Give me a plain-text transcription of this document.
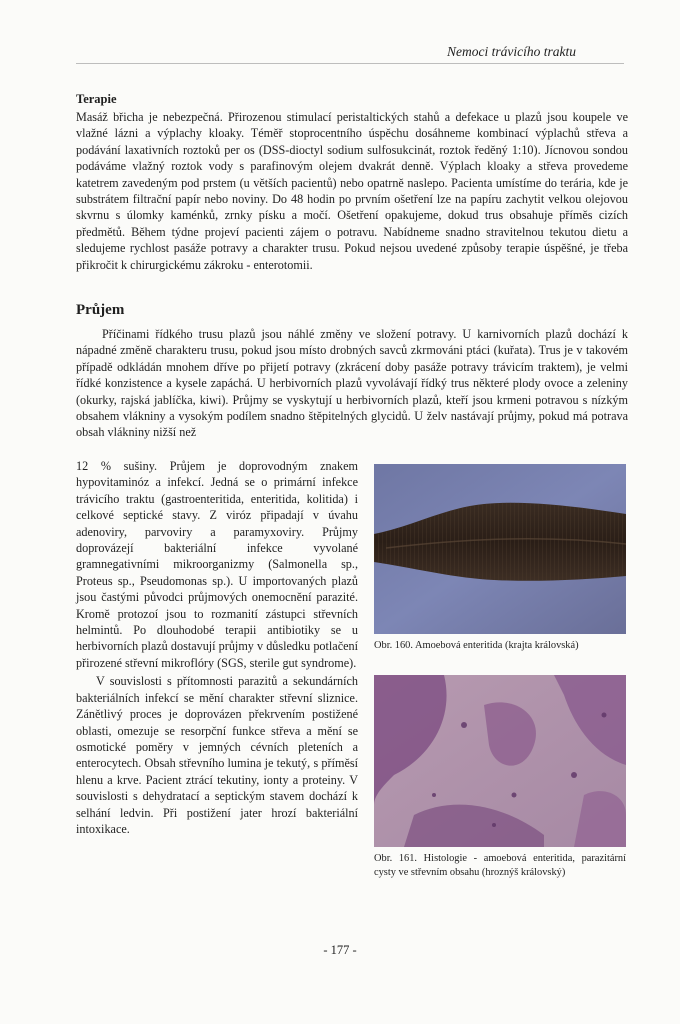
Nemoci trávicího traktu
Terapie

Masáž břicha je nebezpečná. Přirozenou stimulací peristaltických stahů a defekace u plazů jsou koupele ve vlažné lázni a výplachy kloaky. Téměř stoprocentního úspěchu dosáhneme kombinací výplachů střeva a podávání laxativních roztoků per os (DSS-dioctyl sodium sulfosukcinát, roztok ředěný 1:10). Jícnovou sondou podáváme vlažný roztok vody s parafinovým olejem dvakrát denně. Výplach kloaky a střeva provedeme katetrem zavedeným pod prstem (u větších pacientů) nebo opatrně naslepo. Pacienta umístíme do terária, kde je substrátem filtrační papír nebo noviny. Do 48 hodin po prvním ošetření lze na papíru zachytit velkou olejovou skvrnu s úlomky kaménků, zrnky písku a močí. Ošetření opakujeme, dokud trus obsahuje příměs cizích předmětů. Během týdne projeví pacienti zájem o potravu. Nabídneme snadno stravitelnou tekutou dietu a sledujeme rychlost pasáže potravy a charakter trusu. Pokud nejsou uvedené způsoby terapie úspěšné, je třeba přikročit k chirurgickému zákroku - enterotomii.

Průjem

Příčinami řídkého trusu plazů jsou náhlé změny ve složení potravy. U karnivorních plazů dochází k nápadné změně charakteru trusu, pokud jsou místo drobných savců zkrmováni ptáci (kuřata). Trus je v takovém případě odkládán mnohem dříve po přijetí potravy (zkrácení doby pasáže potravy trávicím traktem), je velmi řídké konzistence a kysele zapáchá. U herbivorních plazů vyvolávají řídký trus některé plody ovoce a zeleniny (okurky, rajská jablíčka, kiwi). Průjmy se vyskytují u herbivorních plazů, kteří jsou krmeni potravou s nízkým obsahem vlákniny a vysokým podílem snadno štěpitelných glycidů. U želv nastávají průjmy, pokud má potrava obsah vlákniny nižší než

12 % sušiny. Průjem je doprovodným znakem hypovitaminóz a infekcí. Jedná se o primární infekce trávicího traktu (gastroenteritida, enteritida, kolitida) i celkové septické stavy. Z viróz připadají v úvahu adenoviry, parvoviry a paramyxoviry. Průjmy doprovázejí bakteriální infekce vyvolané gramnegativními mikroorganizmy (Salmonella sp., Proteus sp., Pseudomonas sp.). U importovaných plazů jsou častými původci průjmových onemocnění parazité. Kromě protozoí jsou to rozmanití zástupci střevních helmintů. Po dlouhodobé terapii antibiotiky se u herbivorních plazů dostavují průjmy v důsledku potlačení přirozené střevní mikroflóry (SGS, sterile gut syndrome).

V souvislosti s přítomnosti parazitů a sekundárních bakteriálních infekcí se mění charakter střevní sliznice. Zánětlivý proces je doprovázen překrvením postižené oblasti, omezuje se resorpční funkce střeva a mění se osmotické poměry v jemných cévních pleteních a enterocytech. Obsah střevního lumina je tekutý, s příměsí hlenu a krve. Pacient ztrácí tekutiny, ionty a proteiny. V souvislosti s dehydratací a septickým stavem dochází k selhání ledvin. Při postižení jater hrozí bakteriální intoxikace.

Obr. 160. Amoebová enteritida (krajta královská)
Obr. 161. Histologie - amoebová enteritida, parazitární cysty ve střevním obsahu (hroznýš královský)
- 177 -
